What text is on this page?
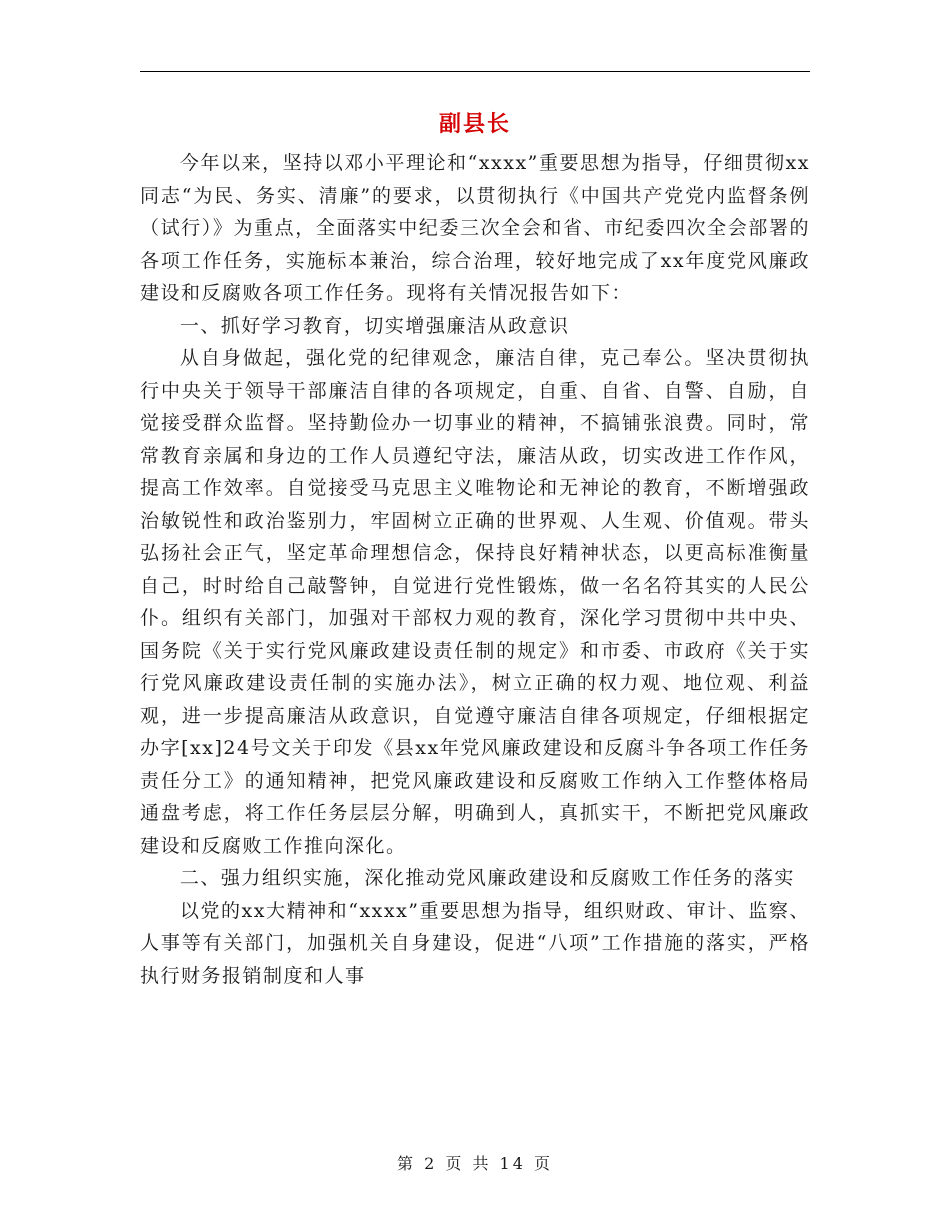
副县长

今年以来，坚持以邓小平理论和“xxxx”重要思想为指导，仔细贯彻xx同志“为民、务实、清廉”的要求，以贯彻执行《中国共产党党内监督条例（试行）》为重点，全面落实中纪委三次全会和省、市纪委四次全会部署的各项工作任务，实施标本兼治，综合治理，较好地完成了xx年度党风廉政建设和反腐败各项工作任务。现将有关情况报告如下：

一、抓好学习教育，切实增强廉洁从政意识

从自身做起，强化党的纪律观念，廉洁自律，克己奉公。坚决贯彻执行中央关于领导干部廉洁自律的各项规定，自重、自省、自警、自励，自觉接受群众监督。坚持勤俭办一切事业的精神，不搞铺张浪费。同时，常常教育亲属和身边的工作人员遵纪守法，廉洁从政，切实改进工作作风，提高工作效率。自觉接受马克思主义唯物论和无神论的教育，不断增强政治敏锐性和政治鉴别力，牢固树立正确的世界观、人生观、价值观。带头弘扬社会正气，坚定革命理想信念，保持良好精神状态，以更高标准衡量自己，时时给自己敲警钟，自觉进行党性锻炼，做一名名符其实的人民公仆。组织有关部门，加强对干部权力观的教育，深化学习贯彻中共中央、国务院《关于实行党风廉政建设责任制的规定》和市委、市政府《关于实行党风廉政建设责任制的实施办法》，树立正确的权力观、地位观、利益观，进一步提高廉洁从政意识，自觉遵守廉洁自律各项规定，仔细根据定办字[xx]24号文关于印发《县xx年党风廉政建设和反腐斗争各项工作任务责任分工》的通知精神，把党风廉政建设和反腐败工作纳入工作整体格局通盘考虑，将工作任务层层分解，明确到人，真抓实干，不断把党风廉政建设和反腐败工作推向深化。

二、强力组织实施，深化推动党风廉政建设和反腐败工作任务的落实

以党的xx大精神和“xxxx”重要思想为指导，组织财政、审计、监察、人事等有关部门，加强机关自身建设，促进“八项”工作措施的落实，严格执行财务报销制度和人事

第 2 页 共 14 页
